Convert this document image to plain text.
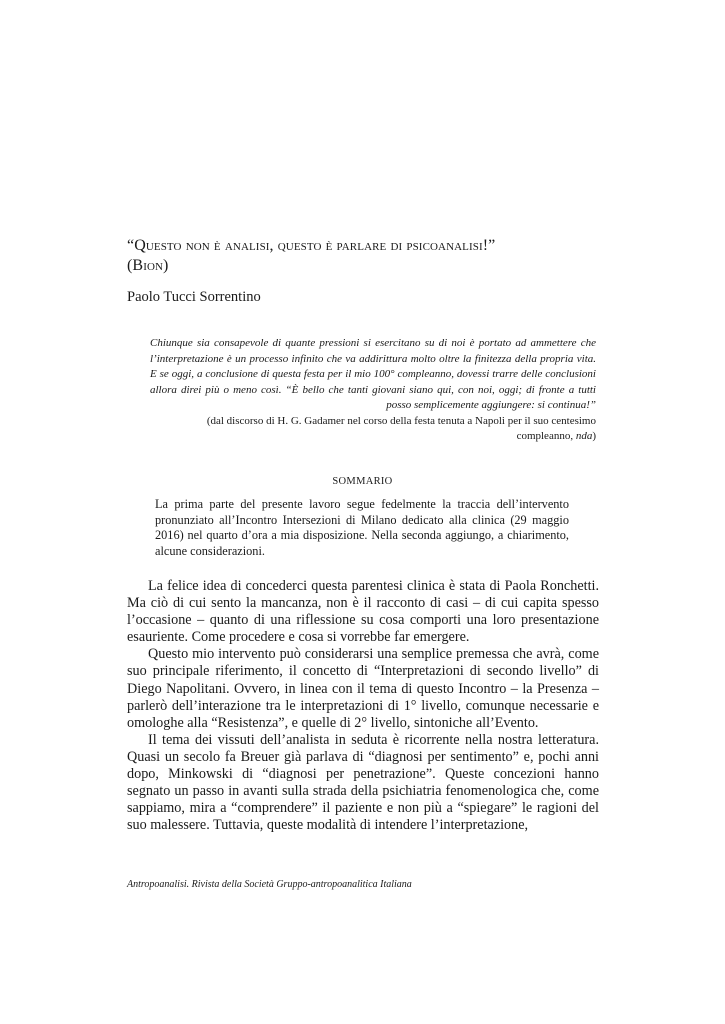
“Questo non è analisi, questo è parlare di psicoanalisi!”
(Bion)
Paolo Tucci Sorrentino
Chiunque sia consapevole di quante pressioni si esercitano su di noi è portato ad ammettere che l’interpretazione è un processo infinito che va addirittura molto oltre la finitezza della propria vita. E se oggi, a conclusione di questa festa per il mio 100° compleanno, dovessi trarre delle conclusioni allora direi più o meno così. “È bello che tanti giovani siano qui, con noi, oggi; di fronte a tutti posso semplicemente aggiungere: si continua!”
(dal discorso di H. G. Gadamer nel corso della festa tenuta a Napoli per il suo centesimo compleanno, nda)
SOMMARIO
La prima parte del presente lavoro segue fedelmente la traccia dell’intervento pronunziato all’Incontro Intersezioni di Milano dedicato alla clinica (29 maggio 2016) nel quarto d’ora a mia disposizione. Nella seconda aggiungo, a chiarimento, alcune considerazioni.

La felice idea di concederci questa parentesi clinica è stata di Paola Ronchetti. Ma ciò di cui sento la mancanza, non è il racconto di casi – di cui capita spesso l’occasione – quanto di una riflessione su cosa comporti una loro presentazione esauriente. Come procedere e cosa si vorrebbe far emergere.

Questo mio intervento può considerarsi una semplice premessa che avrà, come suo principale riferimento, il concetto di “Interpretazioni di secondo livello” di Diego Napolitani. Ovvero, in linea con il tema di questo Incontro – la Presenza – parlerò dell’interazione tra le interpretazioni di 1° livello, comunque necessarie e omologhe alla “Resistenza”, e quelle di 2° livello, sintoniche all’Evento.

Il tema dei vissuti dell’analista in seduta è ricorrente nella nostra letteratura. Quasi un secolo fa Breuer già parlava di “diagnosi per sentimento” e, pochi anni dopo, Minkowski di “diagnosi per penetrazione”. Queste concezioni hanno segnato un passo in avanti sulla strada della psichiatria fenomenologica che, come sappiamo, mira a “comprendere” il paziente e non più a “spiegare” le ragioni del suo malessere. Tuttavia, queste modalità di intendere l’interpretazione,

Antropoanalisi. Rivista della Società Gruppo-antropoanalitica Italiana
